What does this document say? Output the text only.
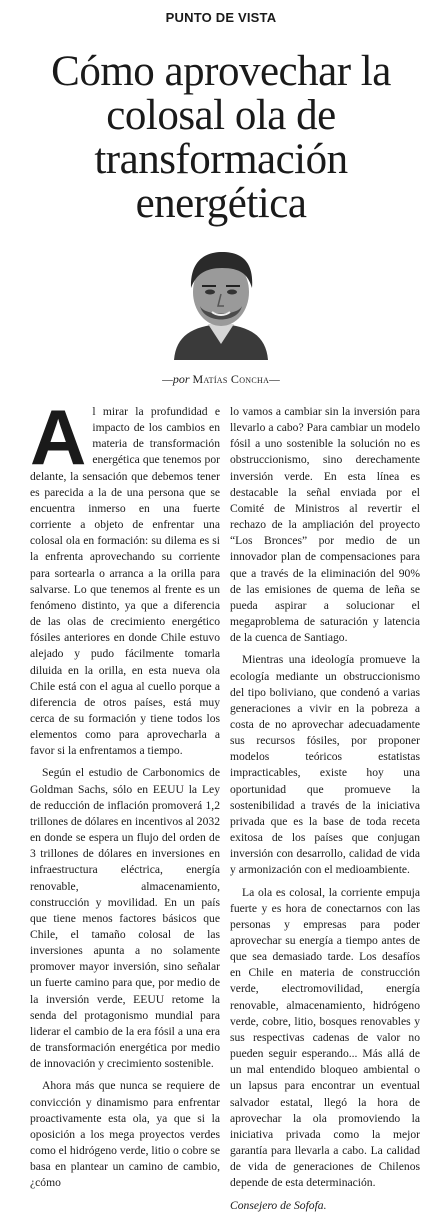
PUNTO DE VISTA
Cómo aprovechar la colosal ola de transformación energética
—por Matías Concha—

Al mirar la profundidad e impacto de los cambios en materia de transformación energética que tenemos por delante, la sensación que debemos tener es parecida a la de una persona que se encuentra inmerso en una fuerte corriente a objeto de enfrentar una colosal ola en formación: su dilema es si la enfrenta aprovechando su corriente para sortearla o arranca a la orilla para salvarse. Lo que tenemos al frente es un fenómeno distinto, ya que a diferencia de las olas de crecimiento energético fósiles anteriores en donde Chile estuvo alejado y pudo fácilmente tomarla diluida en la orilla, en esta nueva ola Chile está con el agua al cuello porque a diferencia de otros países, está muy cerca de su formación y tiene todos los elementos como para aprovecharla a favor si la enfrentamos a tiempo.

Según el estudio de Carbonomics de Goldman Sachs, sólo en EEUU la Ley de reducción de inflación promoverá 1,2 trillones de dólares en incentivos al 2032 en donde se espera un flujo del orden de 3 trillones de dólares en inversiones en infraestructura eléctrica, energía renovable, almacenamiento, construcción y movilidad. En un país que tiene menos factores básicos que Chile, el tamaño colosal de las inversiones apunta a no solamente promover mayor inversión, sino señalar un fuerte camino para que, por medio de la inversión verde, EEUU retome la senda del protagonismo mundial para liderar el cambio de la era fósil a una era de transformación energética por medio de innovación y crecimiento sostenible.

Ahora más que nunca se requiere de convicción y dinamismo para enfrentar proactivamente esta ola, ya que si la oposición a los mega proyectos verdes como el hidrógeno verde, litio o cobre se basa en plantear un camino de cambio, ¿cómo

lo vamos a cambiar sin la inversión para llevarlo a cabo? Para cambiar un modelo fósil a uno sostenible la solución no es obstruccionismo, sino derechamente inversión verde. En esta línea es destacable la señal enviada por el Comité de Ministros al revertir el rechazo de la ampliación del proyecto “Los Bronces” por medio de un innovador plan de compensaciones para que a través de la eliminación del 90% de las emisiones de quema de leña se pueda aspirar a solucionar el megaproblema de saturación y latencia de la cuenca de Santiago.

Mientras una ideología promueve la ecología mediante un obstruccionismo del tipo boliviano, que condenó a varias generaciones a vivir en la pobreza a costa de no aprovechar adecuadamente sus recursos fósiles, por proponer modelos teóricos estatistas impracticables, existe hoy una oportunidad que promueve la sostenibilidad a través de la iniciativa privada que es la base de toda receta exitosa de los países que conjugan inversión con desarrollo, calidad de vida y armonización con el medioambiente.

La ola es colosal, la corriente empuja fuerte y es hora de conectarnos con las personas y empresas para poder aprovechar su energía a tiempo antes de que sea demasiado tarde. Los desafíos en Chile en materia de construcción verde, electromovilidad, energía renovable, almacenamiento, hidrógeno verde, cobre, litio, bosques renovables y sus respectivas cadenas de valor no pueden seguir esperando... Más allá de un mal entendido bloqueo ambiental o un lapsus para encontrar un eventual salvador estatal, llegó la hora de aprovechar la ola promoviendo la iniciativa privada como la mejor garantía para llevarla a cabo. La calidad de vida de generaciones de Chilenos depende de esta determinación.

Consejero de Sofofa.
